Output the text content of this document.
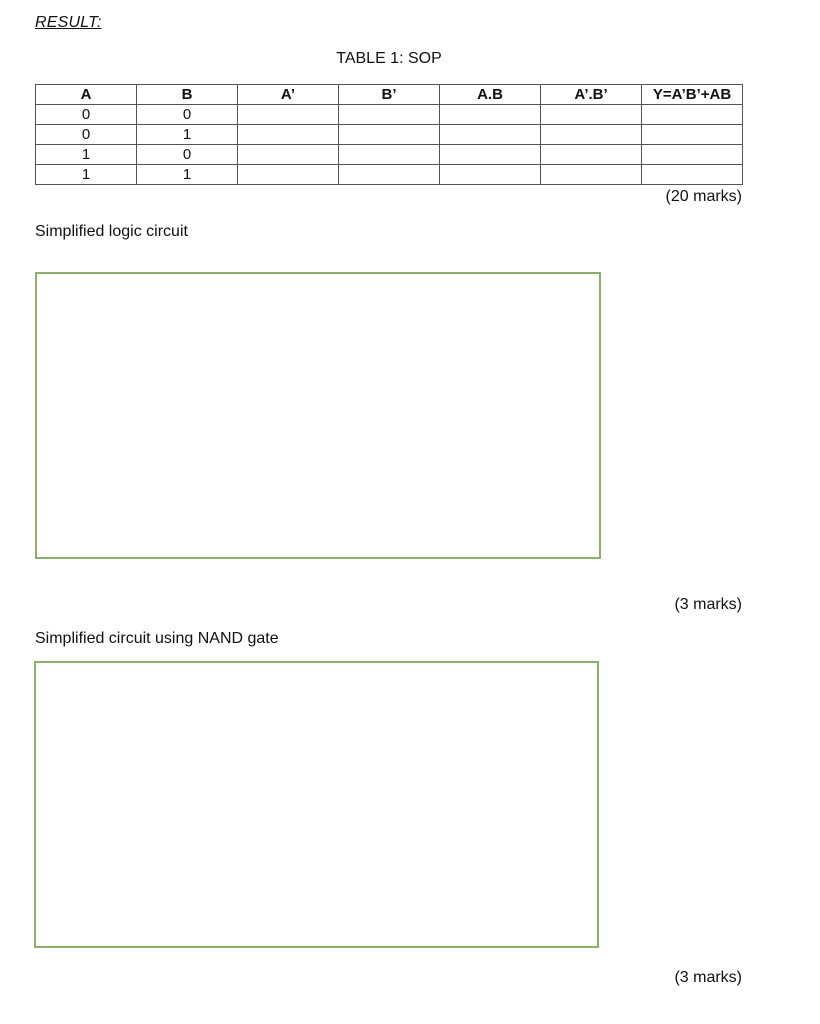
RESULT:
TABLE 1: SOP
A	B	A’	B’	A.B	A’.B’	Y=A’B’+AB
0	0					
0	1					
1	0					
1	1					
(20 marks)
Simplified logic circuit
(3 marks)
Simplified circuit using NAND gate
(3 marks)
